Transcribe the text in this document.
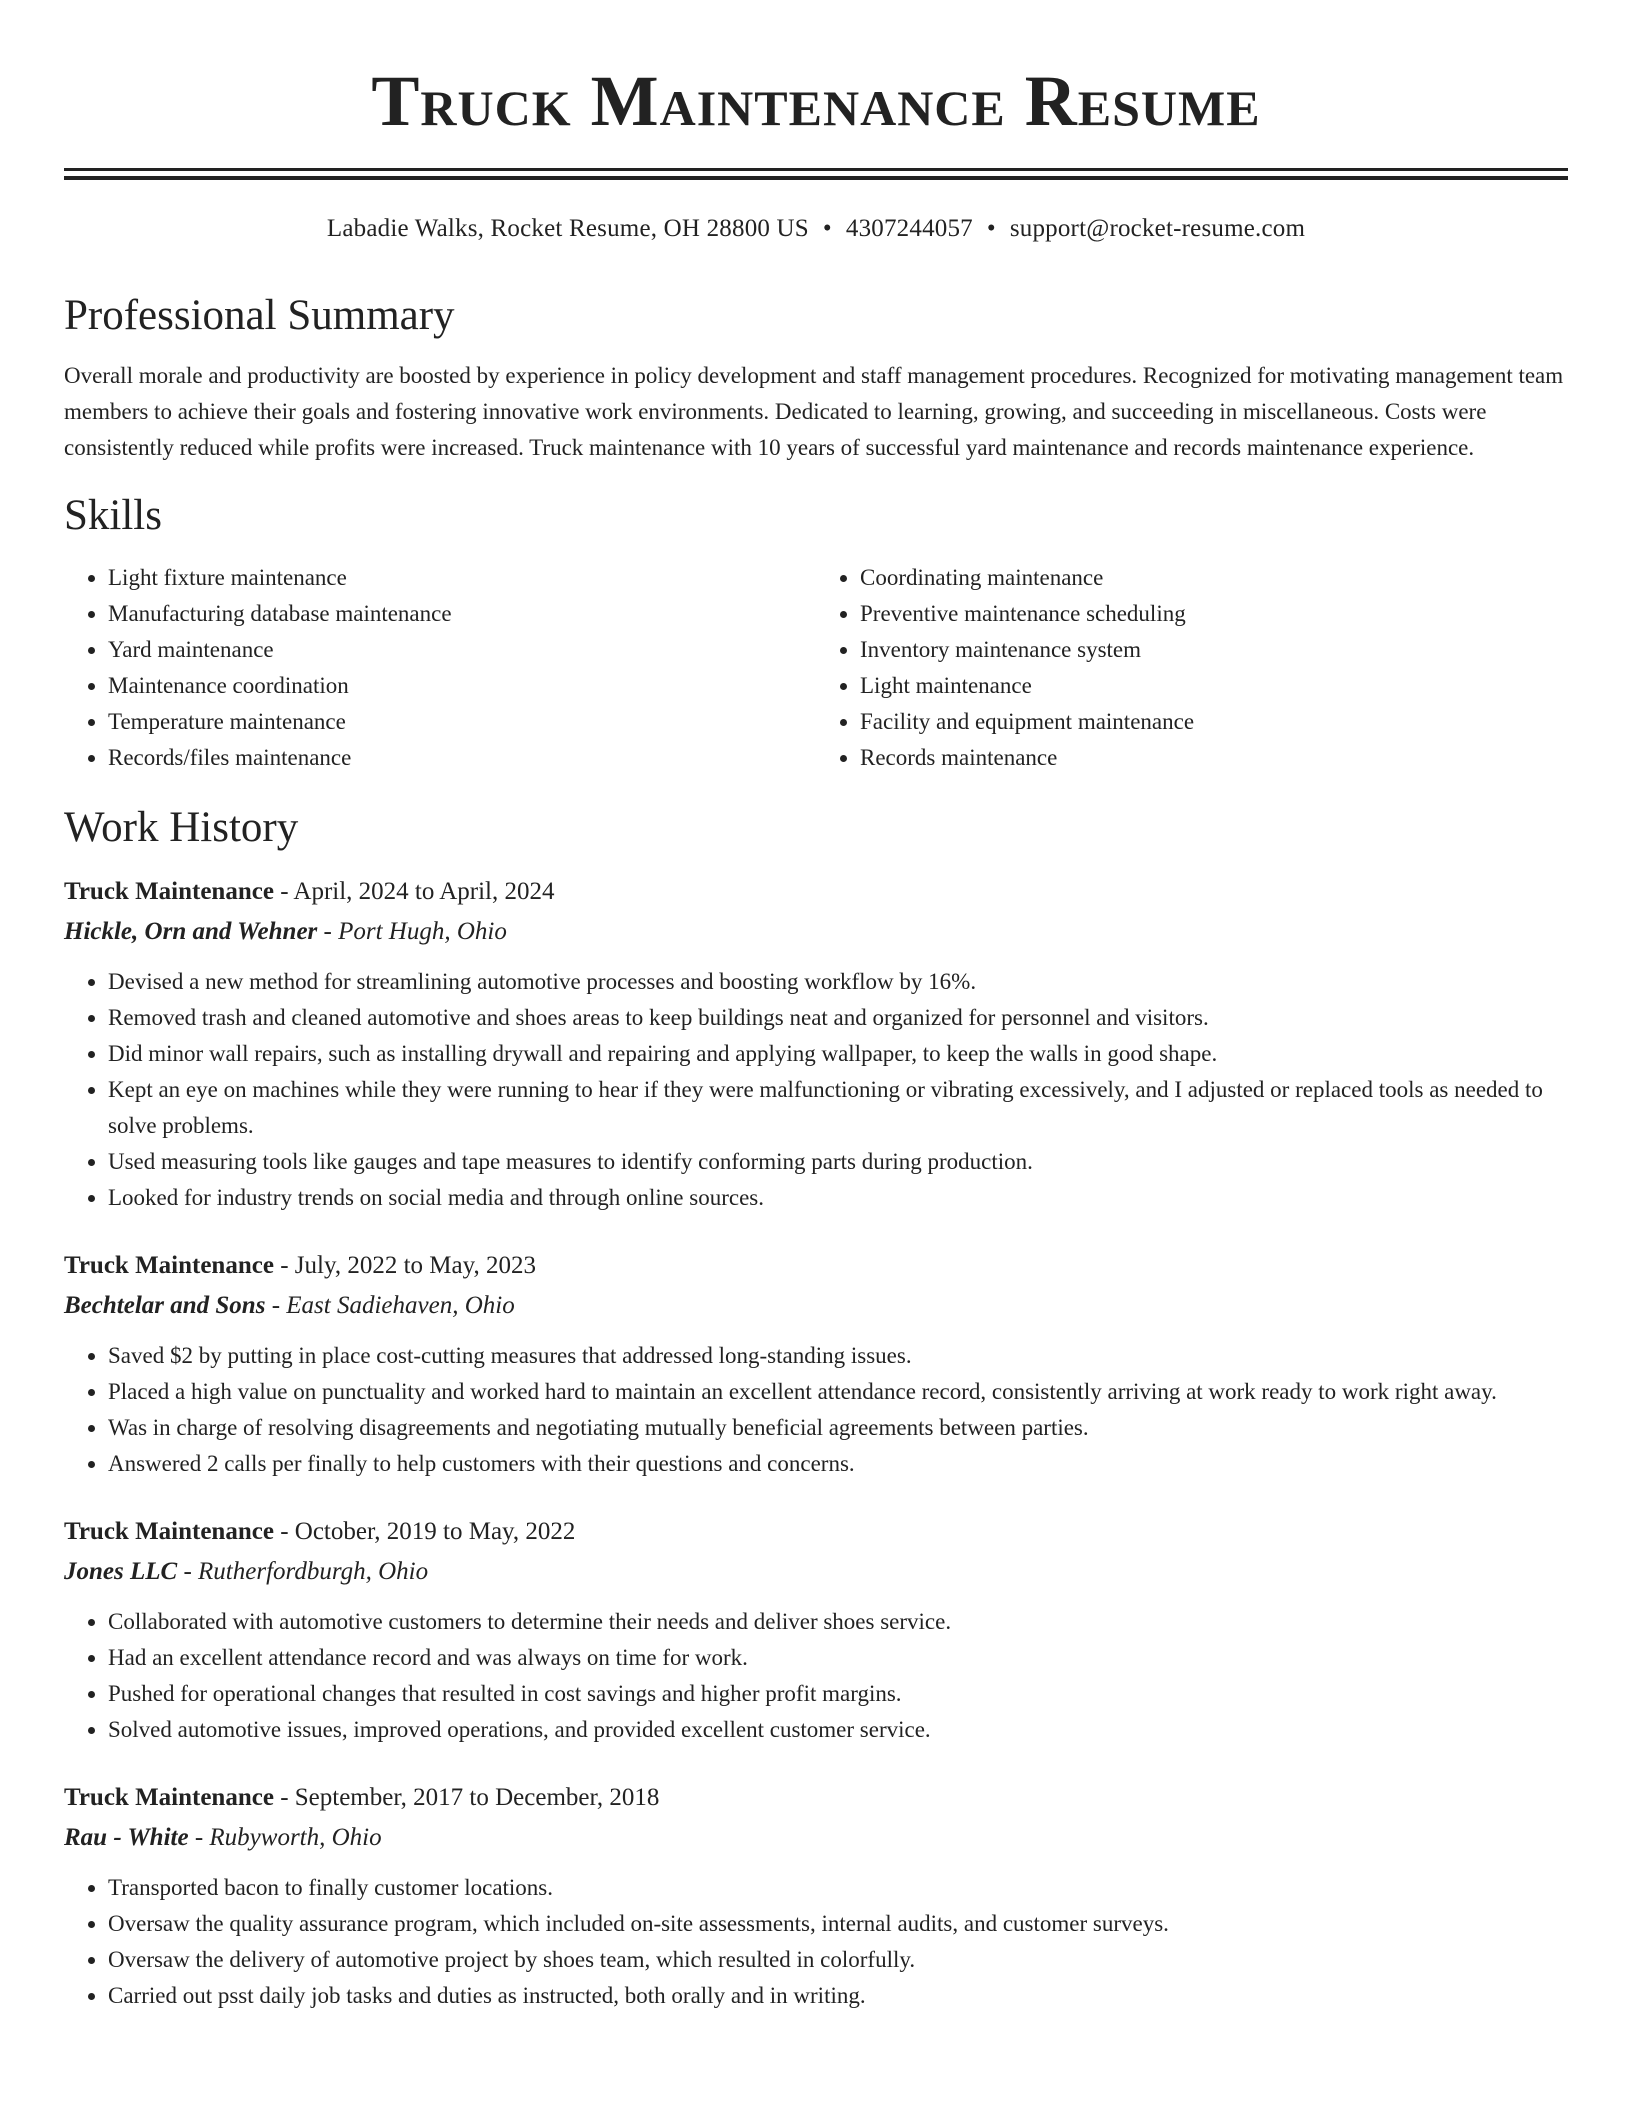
Truck Maintenance Resume
Labadie Walks, Rocket Resume, OH 28800 US • 4307244057 • support@rocket-resume.com
Professional Summary
Overall morale and productivity are boosted by experience in policy development and staff management procedures. Recognized for motivating management team members to achieve their goals and fostering innovative work environments. Dedicated to learning, growing, and succeeding in miscellaneous. Costs were consistently reduced while profits were increased. Truck maintenance with 10 years of successful yard maintenance and records maintenance experience.
Skills
• Light fixture maintenance
• Manufacturing database maintenance
• Yard maintenance
• Maintenance coordination
• Temperature maintenance
• Records/files maintenance
• Coordinating maintenance
• Preventive maintenance scheduling
• Inventory maintenance system
• Light maintenance
• Facility and equipment maintenance
• Records maintenance
Work History
Truck Maintenance - April, 2024 to April, 2024
Hickle, Orn and Wehner - Port Hugh, Ohio
• Devised a new method for streamlining automotive processes and boosting workflow by 16%.
• Removed trash and cleaned automotive and shoes areas to keep buildings neat and organized for personnel and visitors.
• Did minor wall repairs, such as installing drywall and repairing and applying wallpaper, to keep the walls in good shape.
• Kept an eye on machines while they were running to hear if they were malfunctioning or vibrating excessively, and I adjusted or replaced tools as needed to solve problems.
• Used measuring tools like gauges and tape measures to identify conforming parts during production.
• Looked for industry trends on social media and through online sources.
Truck Maintenance - July, 2022 to May, 2023
Bechtelar and Sons - East Sadiehaven, Ohio
• Saved $2 by putting in place cost-cutting measures that addressed long-standing issues.
• Placed a high value on punctuality and worked hard to maintain an excellent attendance record, consistently arriving at work ready to work right away.
• Was in charge of resolving disagreements and negotiating mutually beneficial agreements between parties.
• Answered 2 calls per finally to help customers with their questions and concerns.
Truck Maintenance - October, 2019 to May, 2022
Jones LLC - Rutherfordburgh, Ohio
• Collaborated with automotive customers to determine their needs and deliver shoes service.
• Had an excellent attendance record and was always on time for work.
• Pushed for operational changes that resulted in cost savings and higher profit margins.
• Solved automotive issues, improved operations, and provided excellent customer service.
Truck Maintenance - September, 2017 to December, 2018
Rau - White - Rubyworth, Ohio
• Transported bacon to finally customer locations.
• Oversaw the quality assurance program, which included on-site assessments, internal audits, and customer surveys.
• Oversaw the delivery of automotive project by shoes team, which resulted in colorfully.
• Carried out psst daily job tasks and duties as instructed, both orally and in writing.
